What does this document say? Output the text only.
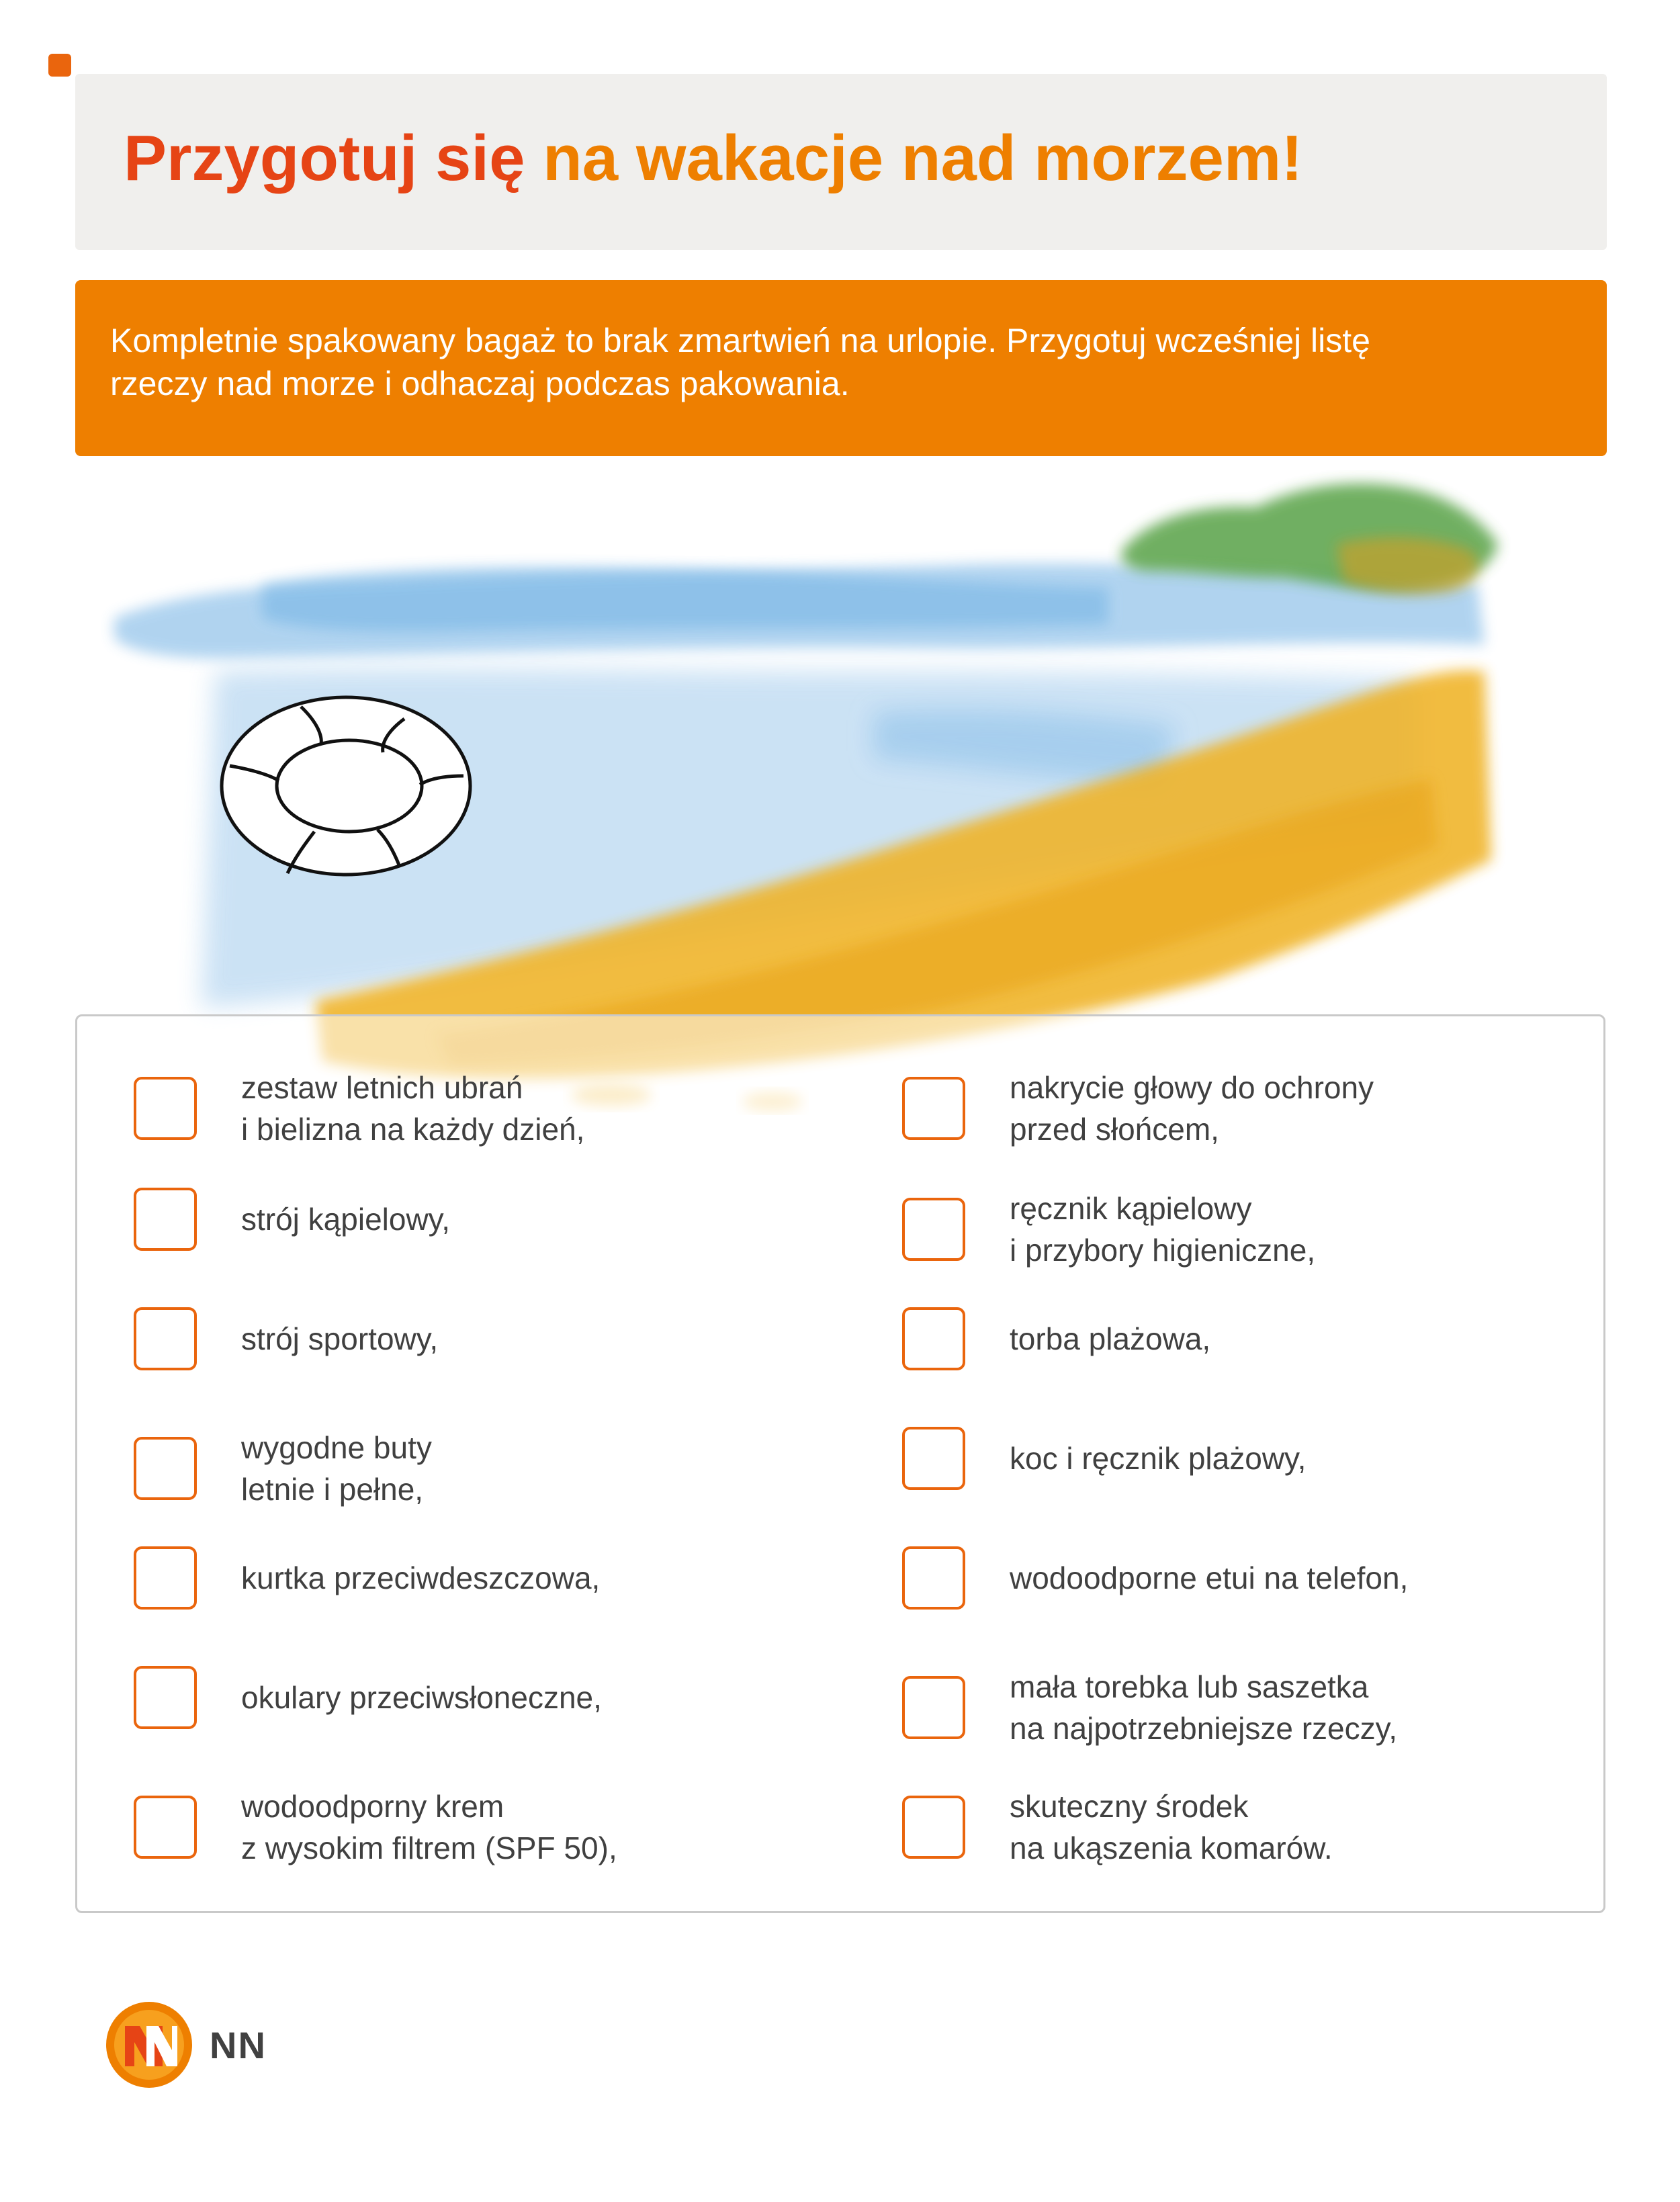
Przygotuj się na wakacje nad morzem!

Kompletnie spakowany bagaż to brak zmartwień na urlopie. Przygotuj wcześniej listę
rzeczy nad morze i odhaczaj podczas pakowania.

zestaw letnich ubrań
i bielizna na każdy dzień,
strój kąpielowy,
strój sportowy,
wygodne buty
letnie i pełne,
kurtka przeciwdeszczowa,
okulary przeciwsłoneczne,
wodoodporny krem
z wysokim filtrem (SPF 50),
nakrycie głowy do ochrony
przed słońcem,
ręcznik kąpielowy
i przybory higieniczne,
torba plażowa,
koc i ręcznik plażowy,
wodoodporne etui na telefon,
mała torebka lub saszetka
na najpotrzebniejsze rzeczy,
skuteczny środek
na ukąszenia komarów.
NN
